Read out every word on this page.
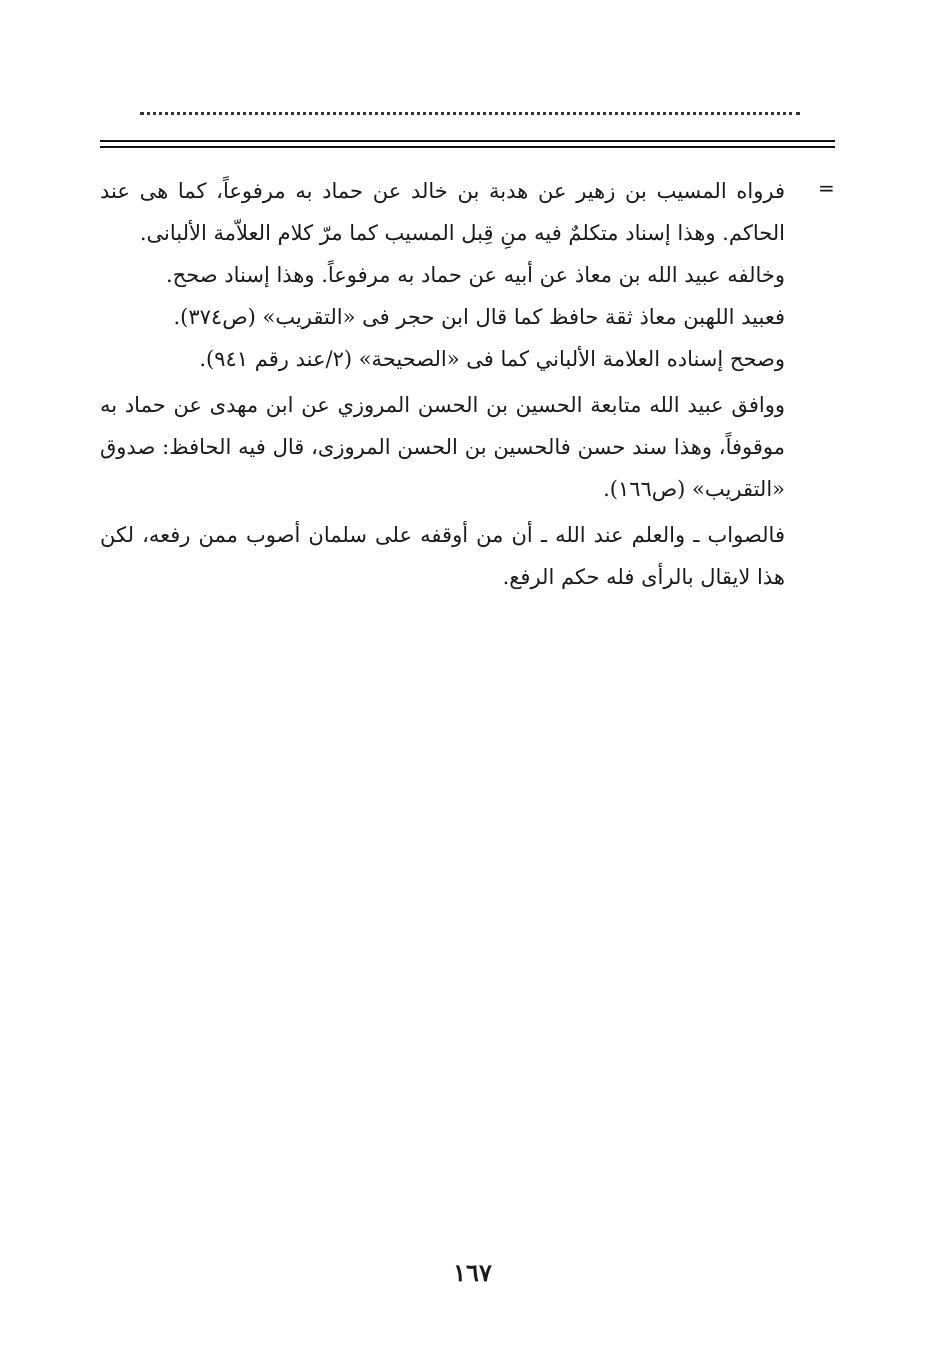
=

فرواه المسيب بن زهير عن هدبة بن خالد عن حماد به مرفوعاً، كما هى عند الحاكم. وهذا إسناد متكلمٌ فيه منِ قِبل المسيب كما مرّ كلام العلاّمة الألبانى.

وخالفه عبيد الله بن معاذ عن أبيه عن حماد به مرفوعاً. وهذا إسناد صحح.

فعبيد اللهبن معاذ ثقة حافظ كما قال ابن حجر فى «التقريب» (ص٣٧٤).

وصحح إسناده العلامة الألباني كما فى «الصحيحة» (٢/عند رقم ٩٤١).

ووافق عبيد الله متابعة الحسين بن الحسن المروزي عن ابن مهدى عن حماد به موقوفاً، وهذا سند حسن فالحسين بن الحسن المروزى، قال فيه الحافظ: صدوق «التقريب» (ص١٦٦).

فالصواب ـ والعلم عند الله ـ أن من أوقفه على سلمان أصوب ممن رفعه، لكن هذا لايقال بالرأى فله حكم الرفع.

١٦٧
